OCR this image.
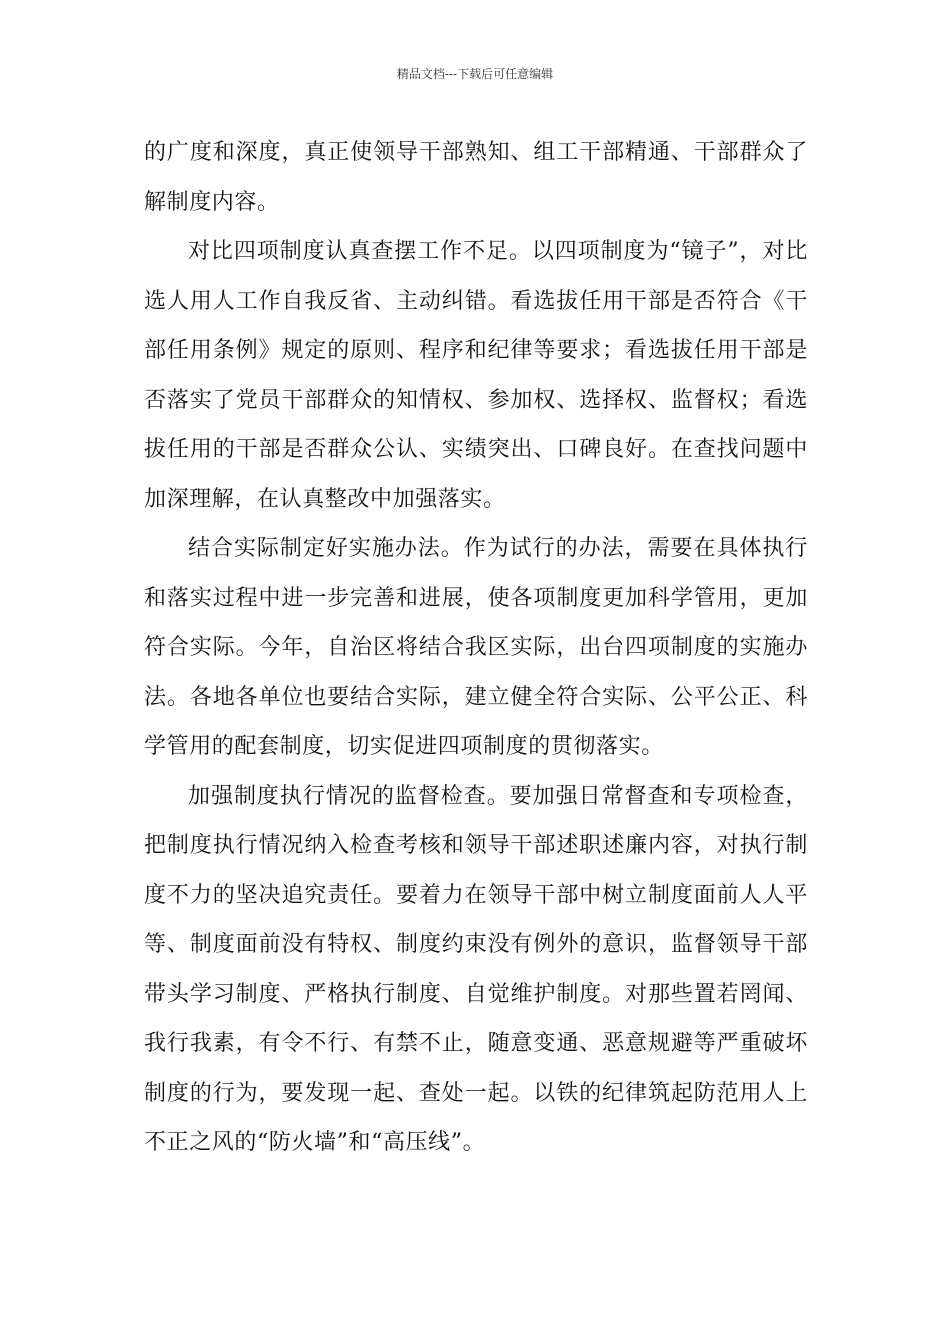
精品文档---下载后可任意编辑

的广度和深度，真正使领导干部熟知、组工干部精通、干部群众了解制度内容。

对比四项制度认真查摆工作不足。以四项制度为“镜子”，对比选人用人工作自我反省、主动纠错。看选拔任用干部是否符合《干部任用条例》规定的原则、程序和纪律等要求；看选拔任用干部是否落实了党员干部群众的知情权、参加权、选择权、监督权；看选拔任用的干部是否群众公认、实绩突出、口碑良好。在查找问题中加深理解，在认真整改中加强落实。

结合实际制定好实施办法。作为试行的办法，需要在具体执行和落实过程中进一步完善和进展，使各项制度更加科学管用，更加符合实际。今年，自治区将结合我区实际，出台四项制度的实施办法。各地各单位也要结合实际，建立健全符合实际、公平公正、科学管用的配套制度，切实促进四项制度的贯彻落实。

加强制度执行情况的监督检查。要加强日常督查和专项检查，把制度执行情况纳入检查考核和领导干部述职述廉内容，对执行制度不力的坚决追究责任。要着力在领导干部中树立制度面前人人平等、制度面前没有特权、制度约束没有例外的意识，监督领导干部带头学习制度、严格执行制度、自觉维护制度。对那些置若罔闻、我行我素，有令不行、有禁不止，随意变通、恶意规避等严重破坏制度的行为，要发现一起、查处一起。以铁的纪律筑起防范用人上不正之风的“防火墙”和“高压线”。
